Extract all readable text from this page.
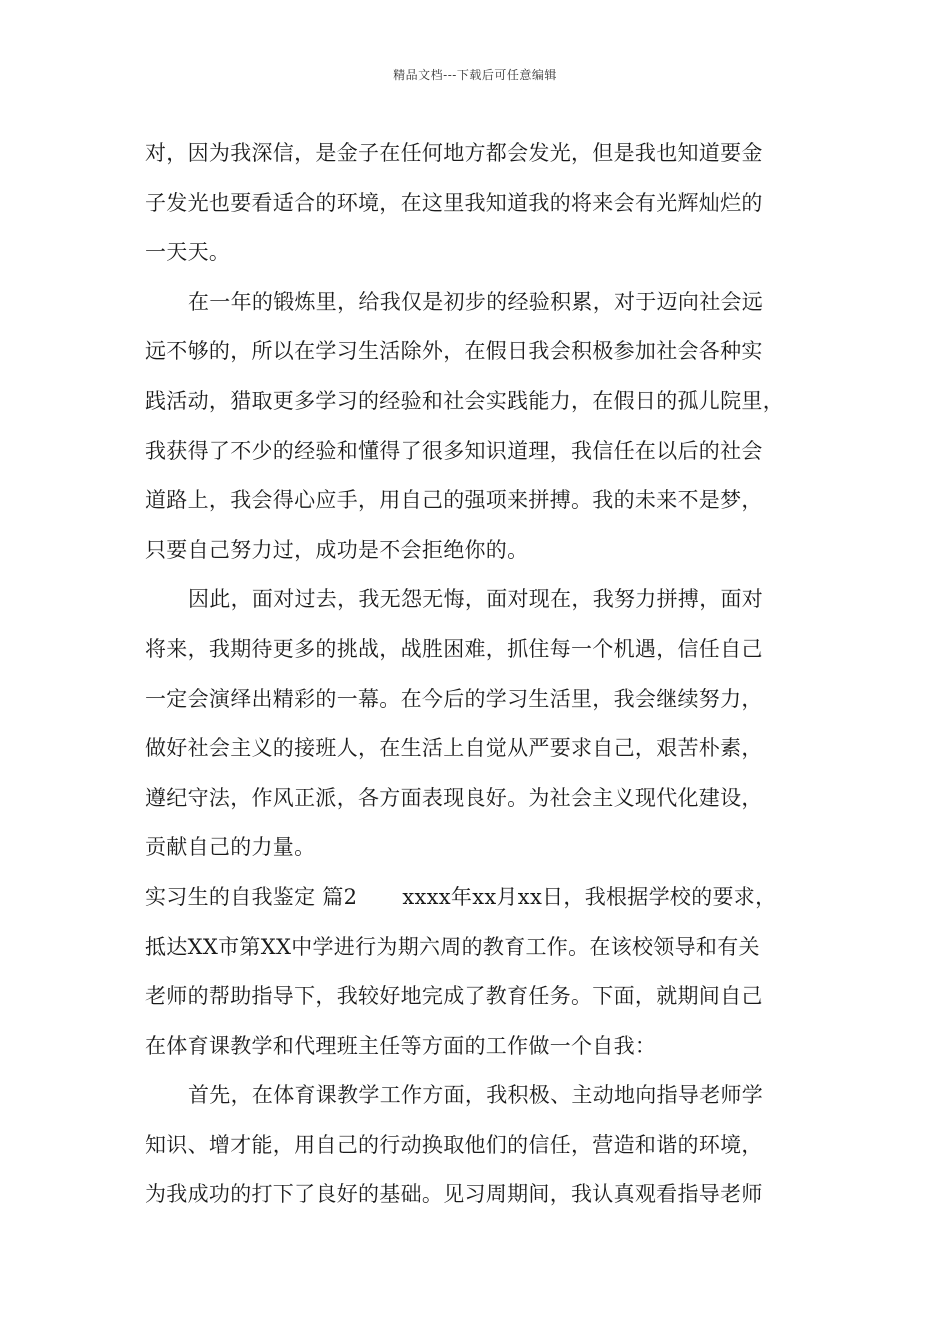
精品文档---下载后可任意编辑
对，因为我深信，是金子在任何地方都会发光，但是我也知道要金
子发光也要看适合的环境，在这里我知道我的将来会有光辉灿烂的
一天天。
在一年的锻炼里，给我仅是初步的经验积累，对于迈向社会远
远不够的，所以在学习生活除外，在假日我会积极参加社会各种实
践活动，猎取更多学习的经验和社会实践能力，在假日的孤儿院里，
我获得了不少的经验和懂得了很多知识道理，我信任在以后的社会
道路上，我会得心应手，用自己的强项来拼搏。我的未来不是梦，
只要自己努力过，成功是不会拒绝你的。
因此，面对过去，我无怨无悔，面对现在，我努力拼搏，面对
将来，我期待更多的挑战，战胜困难，抓住每一个机遇，信任自己
一定会演绎出精彩的一幕。在今后的学习生活里，我会继续努力，
做好社会主义的接班人，在生活上自觉从严要求自己，艰苦朴素，
遵纪守法，作风正派，各方面表现良好。为社会主义现代化建设，
贡献自己的力量。
实习生的自我鉴定 篇2 xxxx年xx月xx日，我根据学校的要求，
抵达XX市第XX中学进行为期六周的教育工作。在该校领导和有关
老师的帮助指导下，我较好地完成了教育任务。下面，就期间自己
在体育课教学和代理班主任等方面的工作做一个自我：
首先，在体育课教学工作方面，我积极、主动地向指导老师学
知识、增才能，用自己的行动换取他们的信任，营造和谐的环境，
为我成功的打下了良好的基础。见习周期间，我认真观看指导老师
